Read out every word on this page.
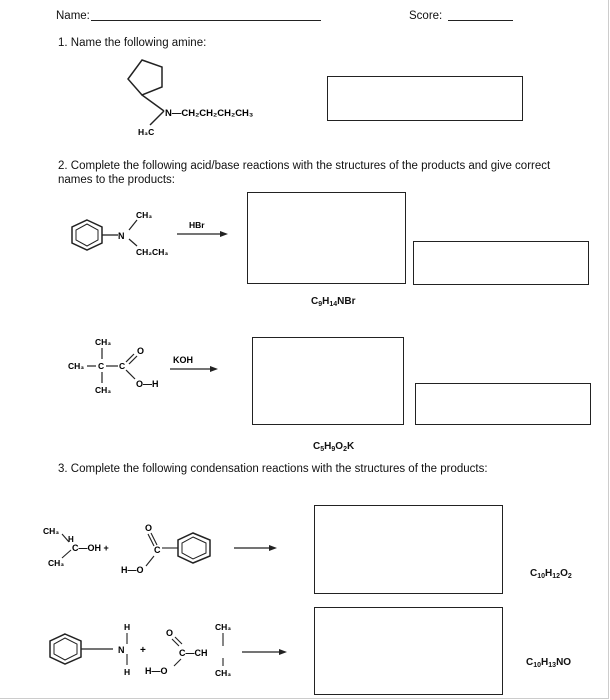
Name:	Score:
1. Name the following amine:
N—CH₂CH₂CH₂CH₃
H₃C
2. Complete the following acid/base reactions with the structures of the products and give correct
names to the products:
N
CH₃
CH₂CH₃
HBr
$C_9H_{14}NBr$
CH₃
CH₃ C C
CH₃
O
O—H
KOH
$C_5H_9O_2K$
3. Complete the following condensation reactions with the structures of the products:
CH₃
H
C—OH +
CH₃
O
C
H—O	$C_{10}H_{12}O_2$
H
N
H
+
O
C—CH
CH₃
CH₃
H—O
$C_{10}H_{13}NO$
